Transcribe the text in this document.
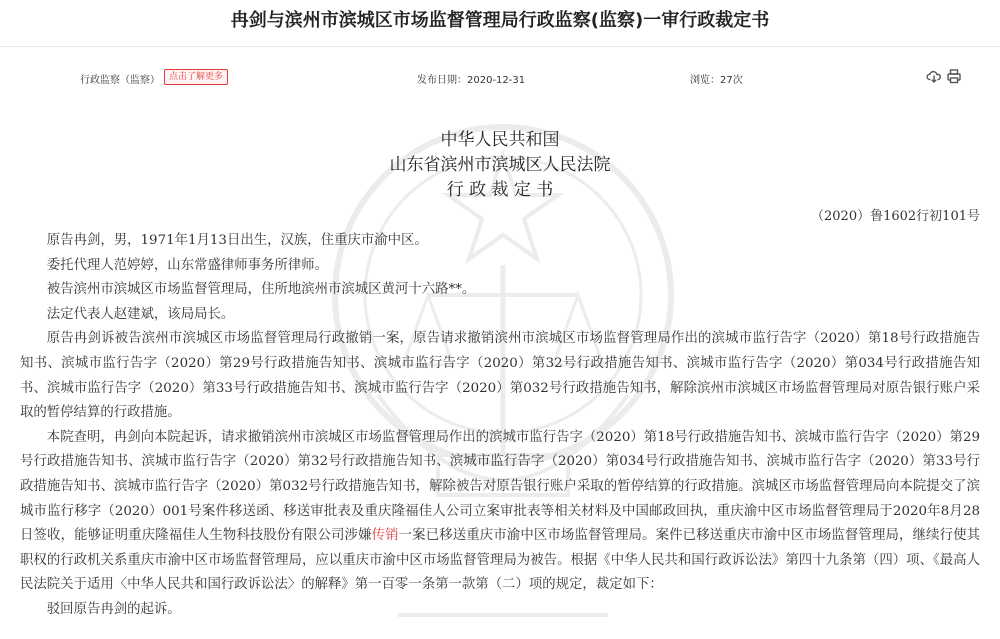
冉剑与滨州市滨城区市场监督管理局行政监察(监察)一审行政裁定书
行政监察（监察）	点击了解更多	发布日期：2020-12-31	浏览：27次
中华人民共和国
山东省滨州市滨城区人民法院
行 政 裁 定 书
（2020）鲁1602行初101号

原告冉剑，男，1971年1月13日出生，汉族，住重庆市渝中区。

委托代理人范婷婷，山东常盛律师事务所律师。

被告滨州市滨城区市场监督管理局，住所地滨州市滨城区黄河十六路**。

法定代表人赵建斌，该局局长。

原告冉剑诉被告滨州市滨城区市场监督管理局行政撤销一案，原告请求撤销滨州市滨城区市场监督管理局作出的滨城市监行告字（2020）第18号行政措施告知书、滨城市监行告字（2020）第29号行政措施告知书、滨城市监行告字（2020）第32号行政措施告知书、滨城市监行告字（2020）第034号行政措施告知书、滨城市监行告字（2020）第33号行政措施告知书、滨城市监行告字（2020）第032号行政措施告知书，解除滨州市滨城区市场监督管理局对原告银行账户采取的暂停结算的行政措施。

本院查明，冉剑向本院起诉，请求撤销滨州市滨城区市场监督管理局作出的滨城市监行告字（2020）第18号行政措施告知书、滨城市监行告字（2020）第29号行政措施告知书、滨城市监行告字（2020）第32号行政措施告知书、滨城市监行告字（2020）第034号行政措施告知书、滨城市监行告字（2020）第33号行政措施告知书、滨城市监行告字（2020）第032号行政措施告知书，解除被告对原告银行账户采取的暂停结算的行政措施。滨城区市场监督管理局向本院提交了滨城市监行移字（2020）001号案件移送函、移送审批表及重庆隆福佳人公司立案审批表等相关材料及中国邮政回执，重庆渝中区市场监督管理局于2020年8月28日签收，能够证明重庆隆福佳人生物科技股份有限公司涉嫌传销一案已移送重庆市渝中区市场监督管理局。案件已移送重庆市渝中区市场监督管理局，继续行使其职权的行政机关系重庆市渝中区市场监督管理局，应以重庆市渝中区市场监督管理局为被告。根据《中华人民共和国行政诉讼法》第四十九条第（四）项、《最高人民法院关于适用〈中华人民共和国行政诉讼法〉的解释》第一百零一条第一款第（二）项的规定，裁定如下：

驳回原告冉剑的起诉。
